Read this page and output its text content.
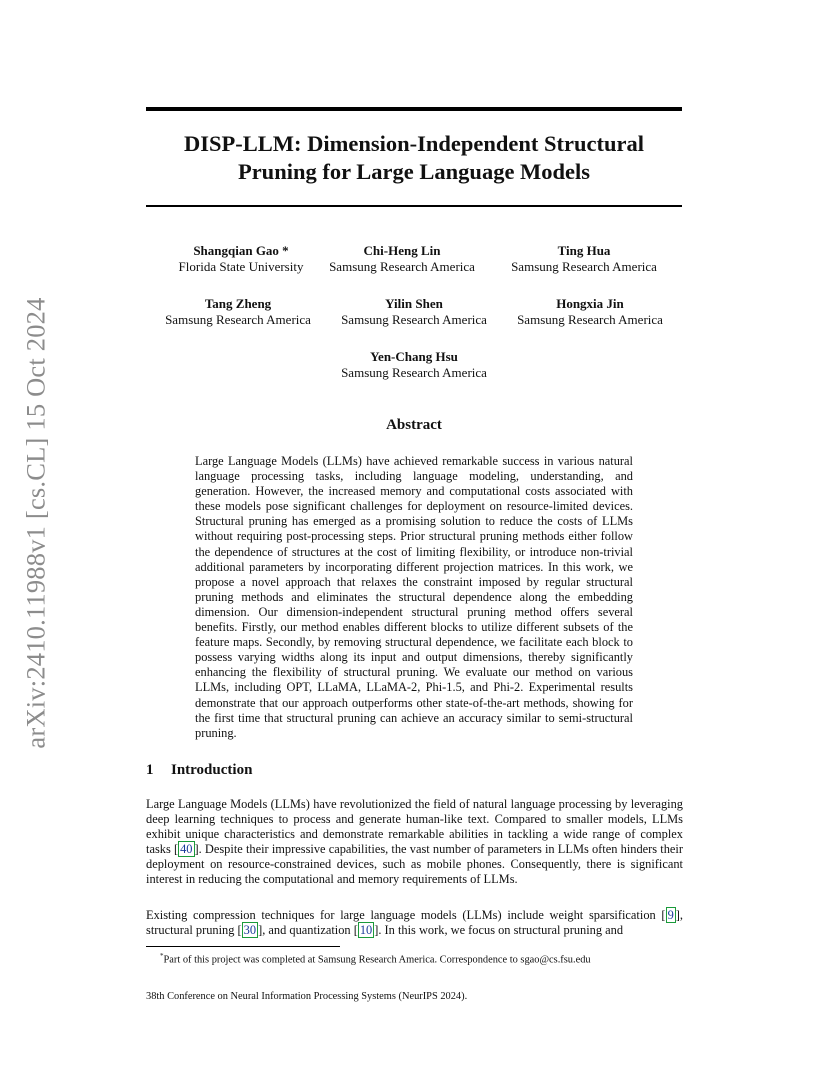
arXiv:2410.11988v1 [cs.CL] 15 Oct 2024
DISP-LLM: Dimension-Independent Structural
Pruning for Large Language Models
Shangqian Gao *
Florida State University
Chi-Heng Lin
Samsung Research America
Ting Hua
Samsung Research America
Tang Zheng
Samsung Research America
Yilin Shen
Samsung Research America
Hongxia Jin
Samsung Research America
Yen-Chang Hsu
Samsung Research America
Abstract

Large Language Models (LLMs) have achieved remarkable success in various natural language processing tasks, including language modeling, understanding, and generation. However, the increased memory and computational costs associated with these models pose significant challenges for deployment on resource-limited devices. Structural pruning has emerged as a promising solution to reduce the costs of LLMs without requiring post-processing steps. Prior structural pruning methods either follow the dependence of structures at the cost of limiting flexibility, or introduce non-trivial additional parameters by incorporating different projection matrices. In this work, we propose a novel approach that relaxes the constraint imposed by regular structural pruning methods and eliminates the structural dependence along the embedding dimension. Our dimension-independent structural pruning method offers several benefits. Firstly, our method enables different blocks to utilize different subsets of the feature maps. Secondly, by removing structural dependence, we facilitate each block to possess varying widths along its input and output dimensions, thereby significantly enhancing the flexibility of structural pruning. We evaluate our method on various LLMs, including OPT, LLaMA, LLaMA-2, Phi-1.5, and Phi-2. Experimental results demonstrate that our approach outperforms other state-of-the-art methods, showing for the first time that structural pruning can achieve an accuracy similar to semi-structural pruning.

1 Introduction

Large Language Models (LLMs) have revolutionized the field of natural language processing by leveraging deep learning techniques to process and generate human-like text. Compared to smaller models, LLMs exhibit unique characteristics and demonstrate remarkable abilities in tackling a wide range of complex tasks [ 40 ]. Despite their impressive capabilities, the vast number of parameters in LLMs often hinders their deployment on resource-constrained devices, such as mobile phones. Consequently, there is significant interest in reducing the computational and memory requirements of LLMs.

Existing compression techniques for large language models (LLMs) include weight sparsification [ 9 ], structural pruning [ 30 ], and quantization [ 10 ]. In this work, we focus on structural pruning and

*Part of this project was completed at Samsung Research America. Correspondence to sgao@cs.fsu.edu
38th Conference on Neural Information Processing Systems (NeurIPS 2024).
